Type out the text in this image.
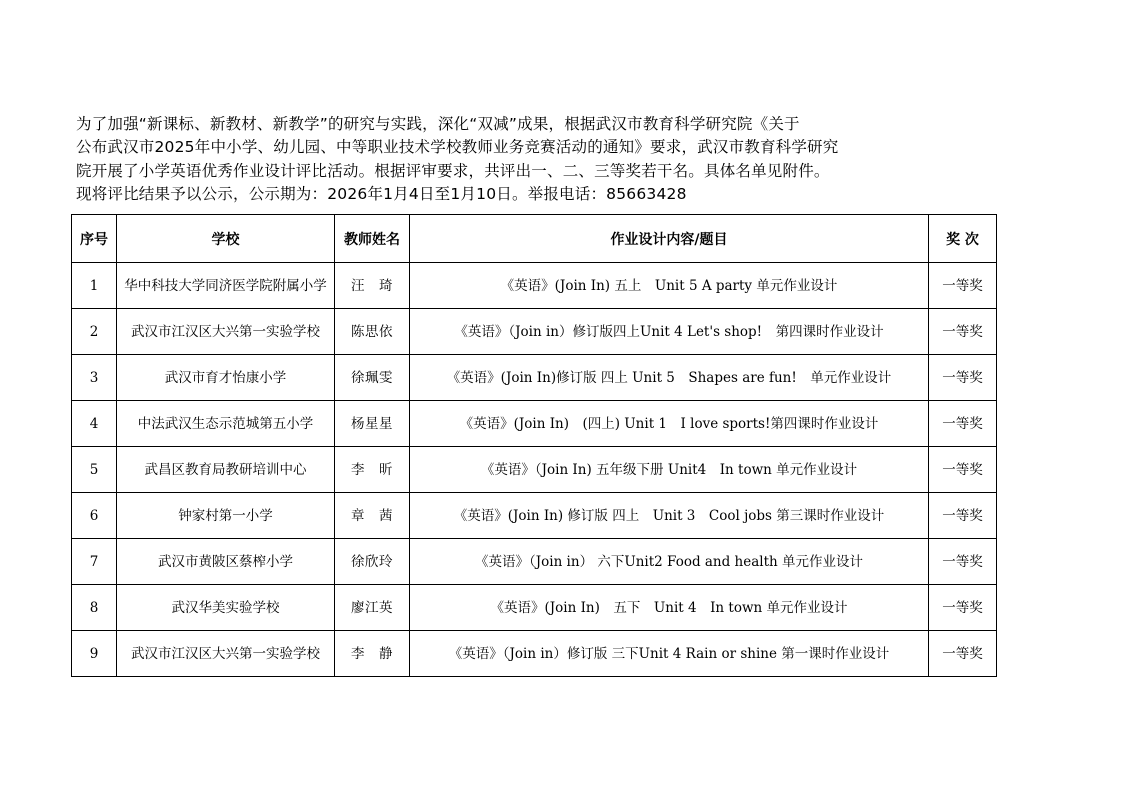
为了加强“新课标、新教材、新教学”的研究与实践，深化“双减”成果，根据武汉市教育科学研究院《关于

公布武汉市2025年中小学、幼儿园、中等职业技术学校教师业务竞赛活动的通知》要求，武汉市教育科学研究

院开展了小学英语优秀作业设计评比活动。根据评审要求，共评出一、二、三等奖若干名。具体名单见附件。

现将评比结果予以公示，公示期为：2026年1月4日至1月10日。举报电话：85663428

序号	学校	教师姓名	作业设计内容/题目	奖 次
1	华中科技大学同济医学院附属小学	汪　琦	《英语》(Join In) 五上　Unit 5 A party 单元作业设计	一等奖
2	武汉市江汉区大兴第一实验学校	陈思依	《英语》（Join in）修订版四上Unit 4 Let's shop!　第四课时作业设计	一等奖
3	武汉市育才怡康小学	徐珮雯	《英语》(Join In)修订版 四上 Unit 5　Shapes are fun!　单元作业设计	一等奖
4	中法武汉生态示范城第五小学	杨星星	《英语》(Join In)　(四上) Unit 1　I love sports!第四课时作业设计	一等奖
5	武昌区教育局教研培训中心	李　昕	《英语》（Join In) 五年级下册 Unit4　In town 单元作业设计	一等奖
6	钟家村第一小学	章　茜	《英语》(Join In) 修订版 四上　Unit 3　Cool jobs 第三课时作业设计	一等奖
7	武汉市黄陂区蔡榨小学	徐欣玲	《英语》（Join in） 六下Unit2 Food and health 单元作业设计	一等奖
8	武汉华美实验学校	廖江英	《英语》(Join In)　五下　Unit 4　In town 单元作业设计	一等奖
9	武汉市江汉区大兴第一实验学校	李　静	《英语》（Join in）修订版 三下Unit 4 Rain or shine 第一课时作业设计	一等奖
